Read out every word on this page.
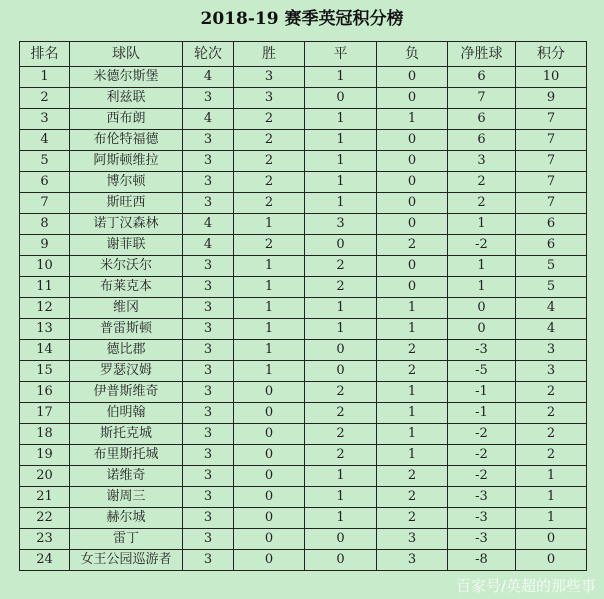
2018-19 赛季英冠积分榜
排名	球队	轮次	胜	平	负	净胜球	积分
1	米德尔斯堡	4	3	1	0	6	10
2	利兹联	3	3	0	0	7	9
3	西布朗	4	2	1	1	6	7
4	布伦特福德	3	2	1	0	6	7
5	阿斯顿维拉	3	2	1	0	3	7
6	博尔顿	3	2	1	0	2	7
7	斯旺西	3	2	1	0	2	7
8	诺丁汉森林	4	1	3	0	1	6
9	谢菲联	4	2	0	2	-2	6
10	米尔沃尔	3	1	2	0	1	5
11	布莱克本	3	1	2	0	1	5
12	维冈	3	1	1	1	0	4
13	普雷斯顿	3	1	1	1	0	4
14	德比郡	3	1	0	2	-3	3
15	罗瑟汉姆	3	1	0	2	-5	3
16	伊普斯维奇	3	0	2	1	-1	2
17	伯明翰	3	0	2	1	-1	2
18	斯托克城	3	0	2	1	-2	2
19	布里斯托城	3	0	2	1	-2	2
20	诺维奇	3	0	1	2	-2	1
21	谢周三	3	0	1	2	-3	1
22	赫尔城	3	0	1	2	-3	1
23	雷丁	3	0	0	3	-3	0
24	女王公园巡游者	3	0	0	3	-8	0
百家号/英超的那些事
